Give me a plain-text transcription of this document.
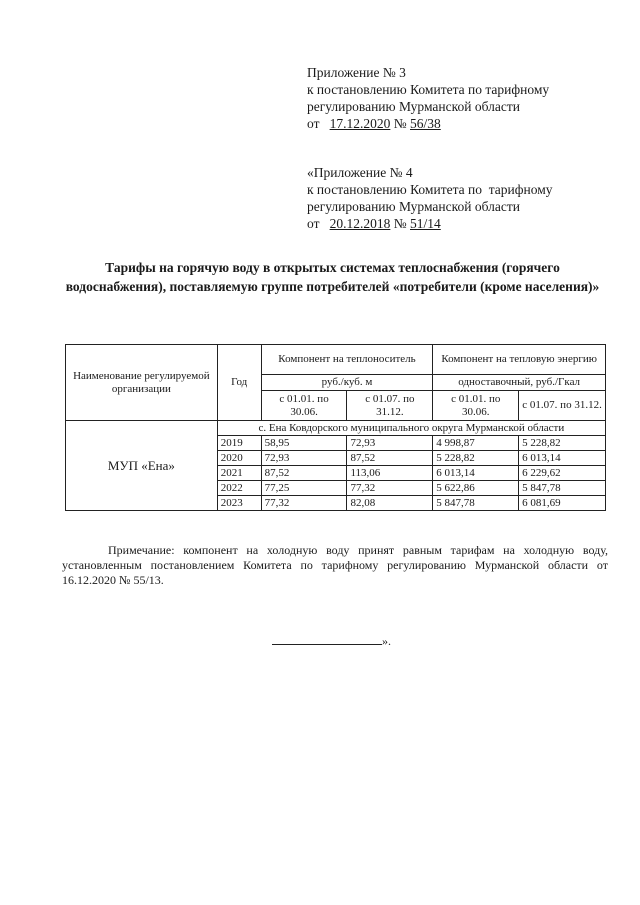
Приложение № 3
к постановлению Комитета по тарифному
регулированию Мурманской области
от 17.12.2020 № 56/38
«Приложение № 4
к постановлению Комитета по  тарифному
регулированию Мурманской области
от 20.12.2018 № 51/14
Тарифы на горячую воду в открытых системах теплоснабжения (горячего водоснабжения), поставляемую группе потребителей «потребители (кроме населения)»
Наименование регулируемой организации	Год	Компонент на теплоноситель		Компонент на тепловую энергию	
		руб./куб. м		одноставочный, руб./Гкал	
		с 01.01. по 30.06.	с 01.07. по 31.12.	с 01.01. по 30.06.	с 01.07. по 31.12.
МУП «Ена»	с. Ена Ковдорского муниципального округа Мурманской области				
	2019	58,95	72,93	4 998,87	5 228,82
	2020	72,93	87,52	5 228,82	6 013,14
	2021	87,52	113,06	6 013,14	6 229,62
	2022	77,25	77,32	5 622,86	5 847,78
	2023	77,32	82,08	5 847,78	6 081,69
Примечание: компонент на холодную воду принят равным тарифам на холодную воду, установленным постановлением Комитета по тарифному регулированию Мурманской области от 16.12.2020 № 55/13.
».
